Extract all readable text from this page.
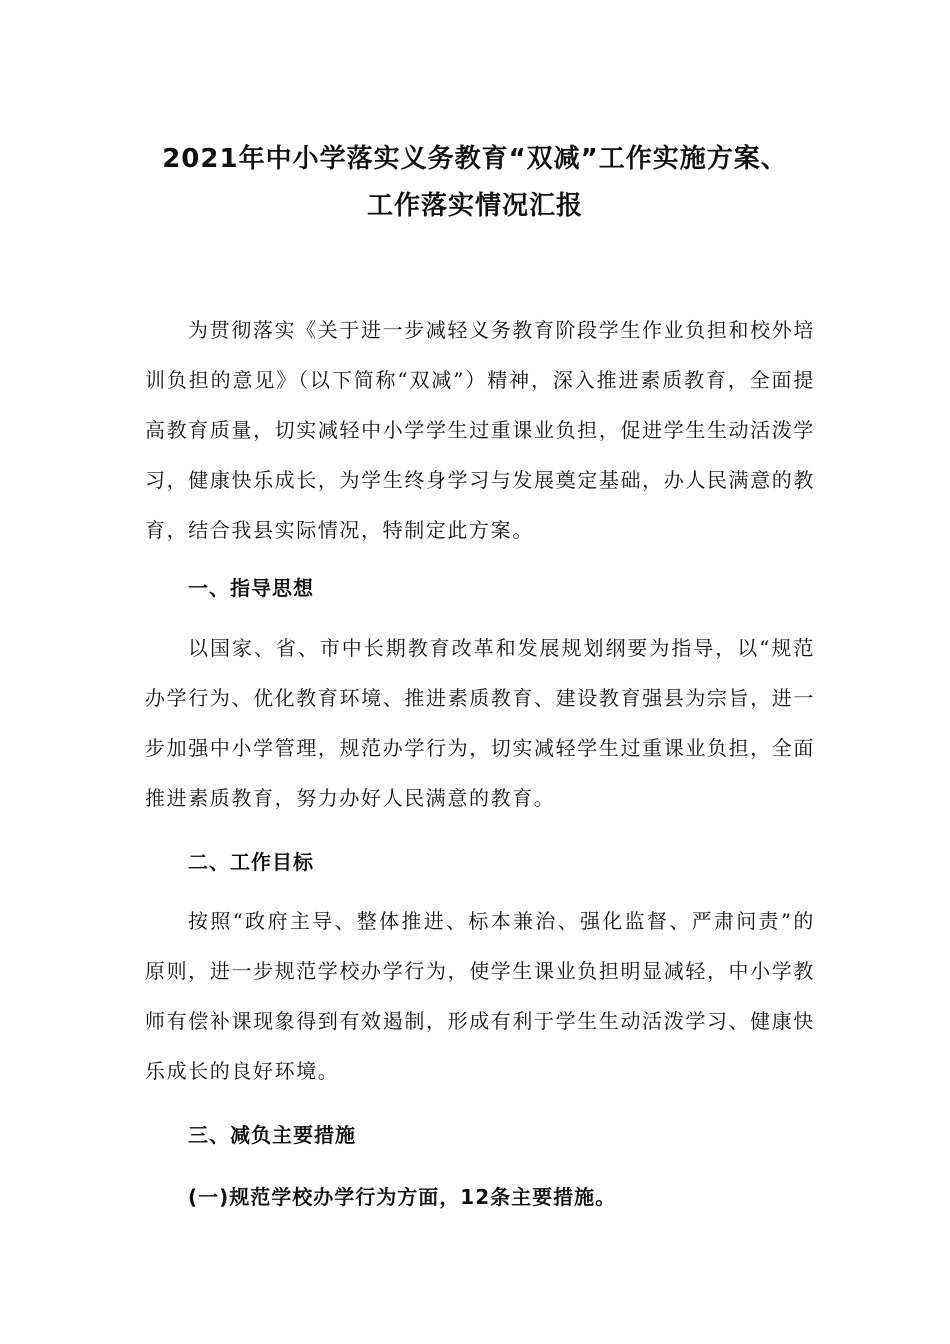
2021年中小学落实义务教育“双减”工作实施方案、
工作落实情况汇报

为贯彻落实《关于进一步减轻义务教育阶段学生作业负担和校外培训负担的意见》（以下简称“双减”）精神，深入推进素质教育，全面提高教育质量，切实减轻中小学学生过重课业负担，促进学生生动活泼学习，健康快乐成长，为学生终身学习与发展奠定基础，办人民满意的教育，结合我县实际情况，特制定此方案。

一、指导思想

以国家、省、市中长期教育改革和发展规划纲要为指导，以“规范办学行为、优化教育环境、推进素质教育、建设教育强县为宗旨，进一步加强中小学管理，规范办学行为，切实减轻学生过重课业负担，全面推进素质教育，努力办好人民满意的教育。

二、工作目标

按照“政府主导、整体推进、标本兼治、强化监督、严肃问责”的原则，进一步规范学校办学行为，使学生课业负担明显减轻，中小学教师有偿补课现象得到有效遏制，形成有利于学生生动活泼学习、健康快乐成长的良好环境。

三、减负主要措施
(一)规范学校办学行为方面，12条主要措施。
